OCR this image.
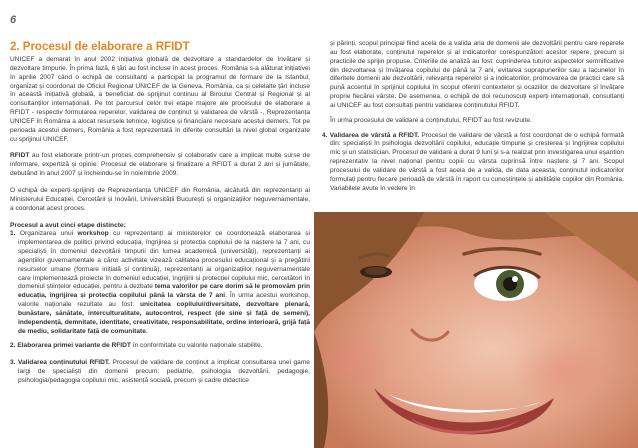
6
2. Procesul de elaborare a RFIDT

UNICEF a demarat în anul 2002 inițiativa globală de dezvoltare a standardelor de învățare și dezvoltare timpurie. În prima fază, 6 țări au fost incluse în acest proces. România s-a alăturat inițiativei în aprilie 2007 când o echipă de consultanți a participat la programul de formare de la Istanbul, organizat și coordonat de Oficiul Regional UNICEF de la Geneva. România, ca și celelalte țări incluse în această inițiativă globală, a beneficiat de sprijinul continuu al Biroului Central și Regional și al consultanților internaționali. Pe tot parcursul celor trei etape majore ale procesului de elaborare a RFIDT - respectiv formularea reperelor, validarea de conținut și validarea de vârstă -, Reprezentanța UNICEF în România a alocat resursele tehnice, logistice și financiare necesare acestui demers. Tot pe perioada acestui demers, România a fost reprezentată în diferite consultări la nivel global organizate cu sprijinul UNICEF.

RFIDT au fost elaborate printr-un proces comprehensiv și colaborativ care a implicat multe surse de informare, expertiză și opinie. Procesul de elaborare și finalizare a RFIDT a durat 2 ani și jumătate, debutând în anul 2007 și încheindu-se în noiembrie 2009.

O echipă de experți-sprijiniți de Reprezentanța UNICEF din România, alcătuită din reprezentanți ai Ministerului Educației, Cercetării și Inovării, Universității București și organizațiilor neguvernamentale, a coordonat acest proces.

Procesul a avut cinci etape distincte:

1. Organizarea unui workshop cu reprezentanți ai ministerelor ce coordonează elaborarea și implementarea de politici privind educația, îngrijirea și protecția copilului de la naștere la 7 ani, cu specialiști în domeniul dezvoltării timpurii din lumea academică (universități), reprezentanți ai agențiilor guvernamentale a căror activitate vizează calitatea procesului educațional și a pregătirii resurselor umane (formare inițială și continuă), reprezentanți ai organizațiilor neguvernamentale care implementează proiecte în domeniul educației, îngrijirii și protecției copilului mic, cercetători în domeniul științelor educației, pentru a dezbate tema valorilor pe care dorim să le promovăm prin educația, îngrijirea și protecția copilului până la vârsta de 7 ani. În urma acestui workshop, valorile naționale rezultate au fost: unicitatea copilului/diversitate, dezvoltare plenară, bunăstare, sănătate, interculturalitate, autocontrol, respect (de sine și față de semeni), independență, demnitate, identitate, creativitate, responsabilitate, ordine interioară, grijă față de mediu, solidaritate față de comunitate.
2. Elaborarea primei variante de RFIDT în conformitate cu valorile naționale stabilite.
3. Validarea conținutului RFIDT. Procesul de validare de conținut a implicat consultarea unei game largi de specialiști din domenii precum: pediatrie, psihologia dezvoltării, pedagogie, psihologia/pedagogia copilului mic, asistență socială, precum și cadre didactice
și părinți, scopul principal fiind acela de a valida aria de domenii ale dezvoltării pentru care reperele au fost elaborate, conținutul reperelor și al indicatorilor corespunzători acestor repere, precum și practicile de sprijin propuse. Criteriile de analiză au fost: cuprinderea tuturor aspectelor semnificative din dezvoltarea și învățarea copilului de până la 7 ani, evitarea suprapunerilor sau a lacunelor în diferitele domenii ale dezvoltării, relevanța reperelor și a indicatorilor, promovarea de practici care să pună accentul în sprijinul copilului în scopul oferirii contextelor și ocaziilor de dezvoltare și învățare proprie fiecărei vârste. De asemenea, o echipă de doi recunoscuți experți internaționali, consultanți ai UNICEF au fost consultați pentru validarea conținutului RFIDT.
În urma procesului de validare a conținutului, RFIDT au fost revizuite.
4. Validarea de vârstă a RFIDT. Procesul de validare de vârstă a fost coordonat de o echipă formată din: specialiști în psihologia dezvoltării copilului, educație timpurie și creșterea și îngrijirea copilului mic și un statistician. Procesul de validare a durat 9 luni și s-a realizat prin investigarea unui eșantion reprezentativ la nivel național pentru copiii cu vârsta cuprinsă între naștere și 7 ani. Scopul procesului de validare de vârstă a fost acela de a valida, de data aceasta, conținutul indicatorilor formulați pentru fiecare perioadă de vârstă în raport cu cunoștințele și abilitățile copiilor din România. Variabilele avute în vedere în
